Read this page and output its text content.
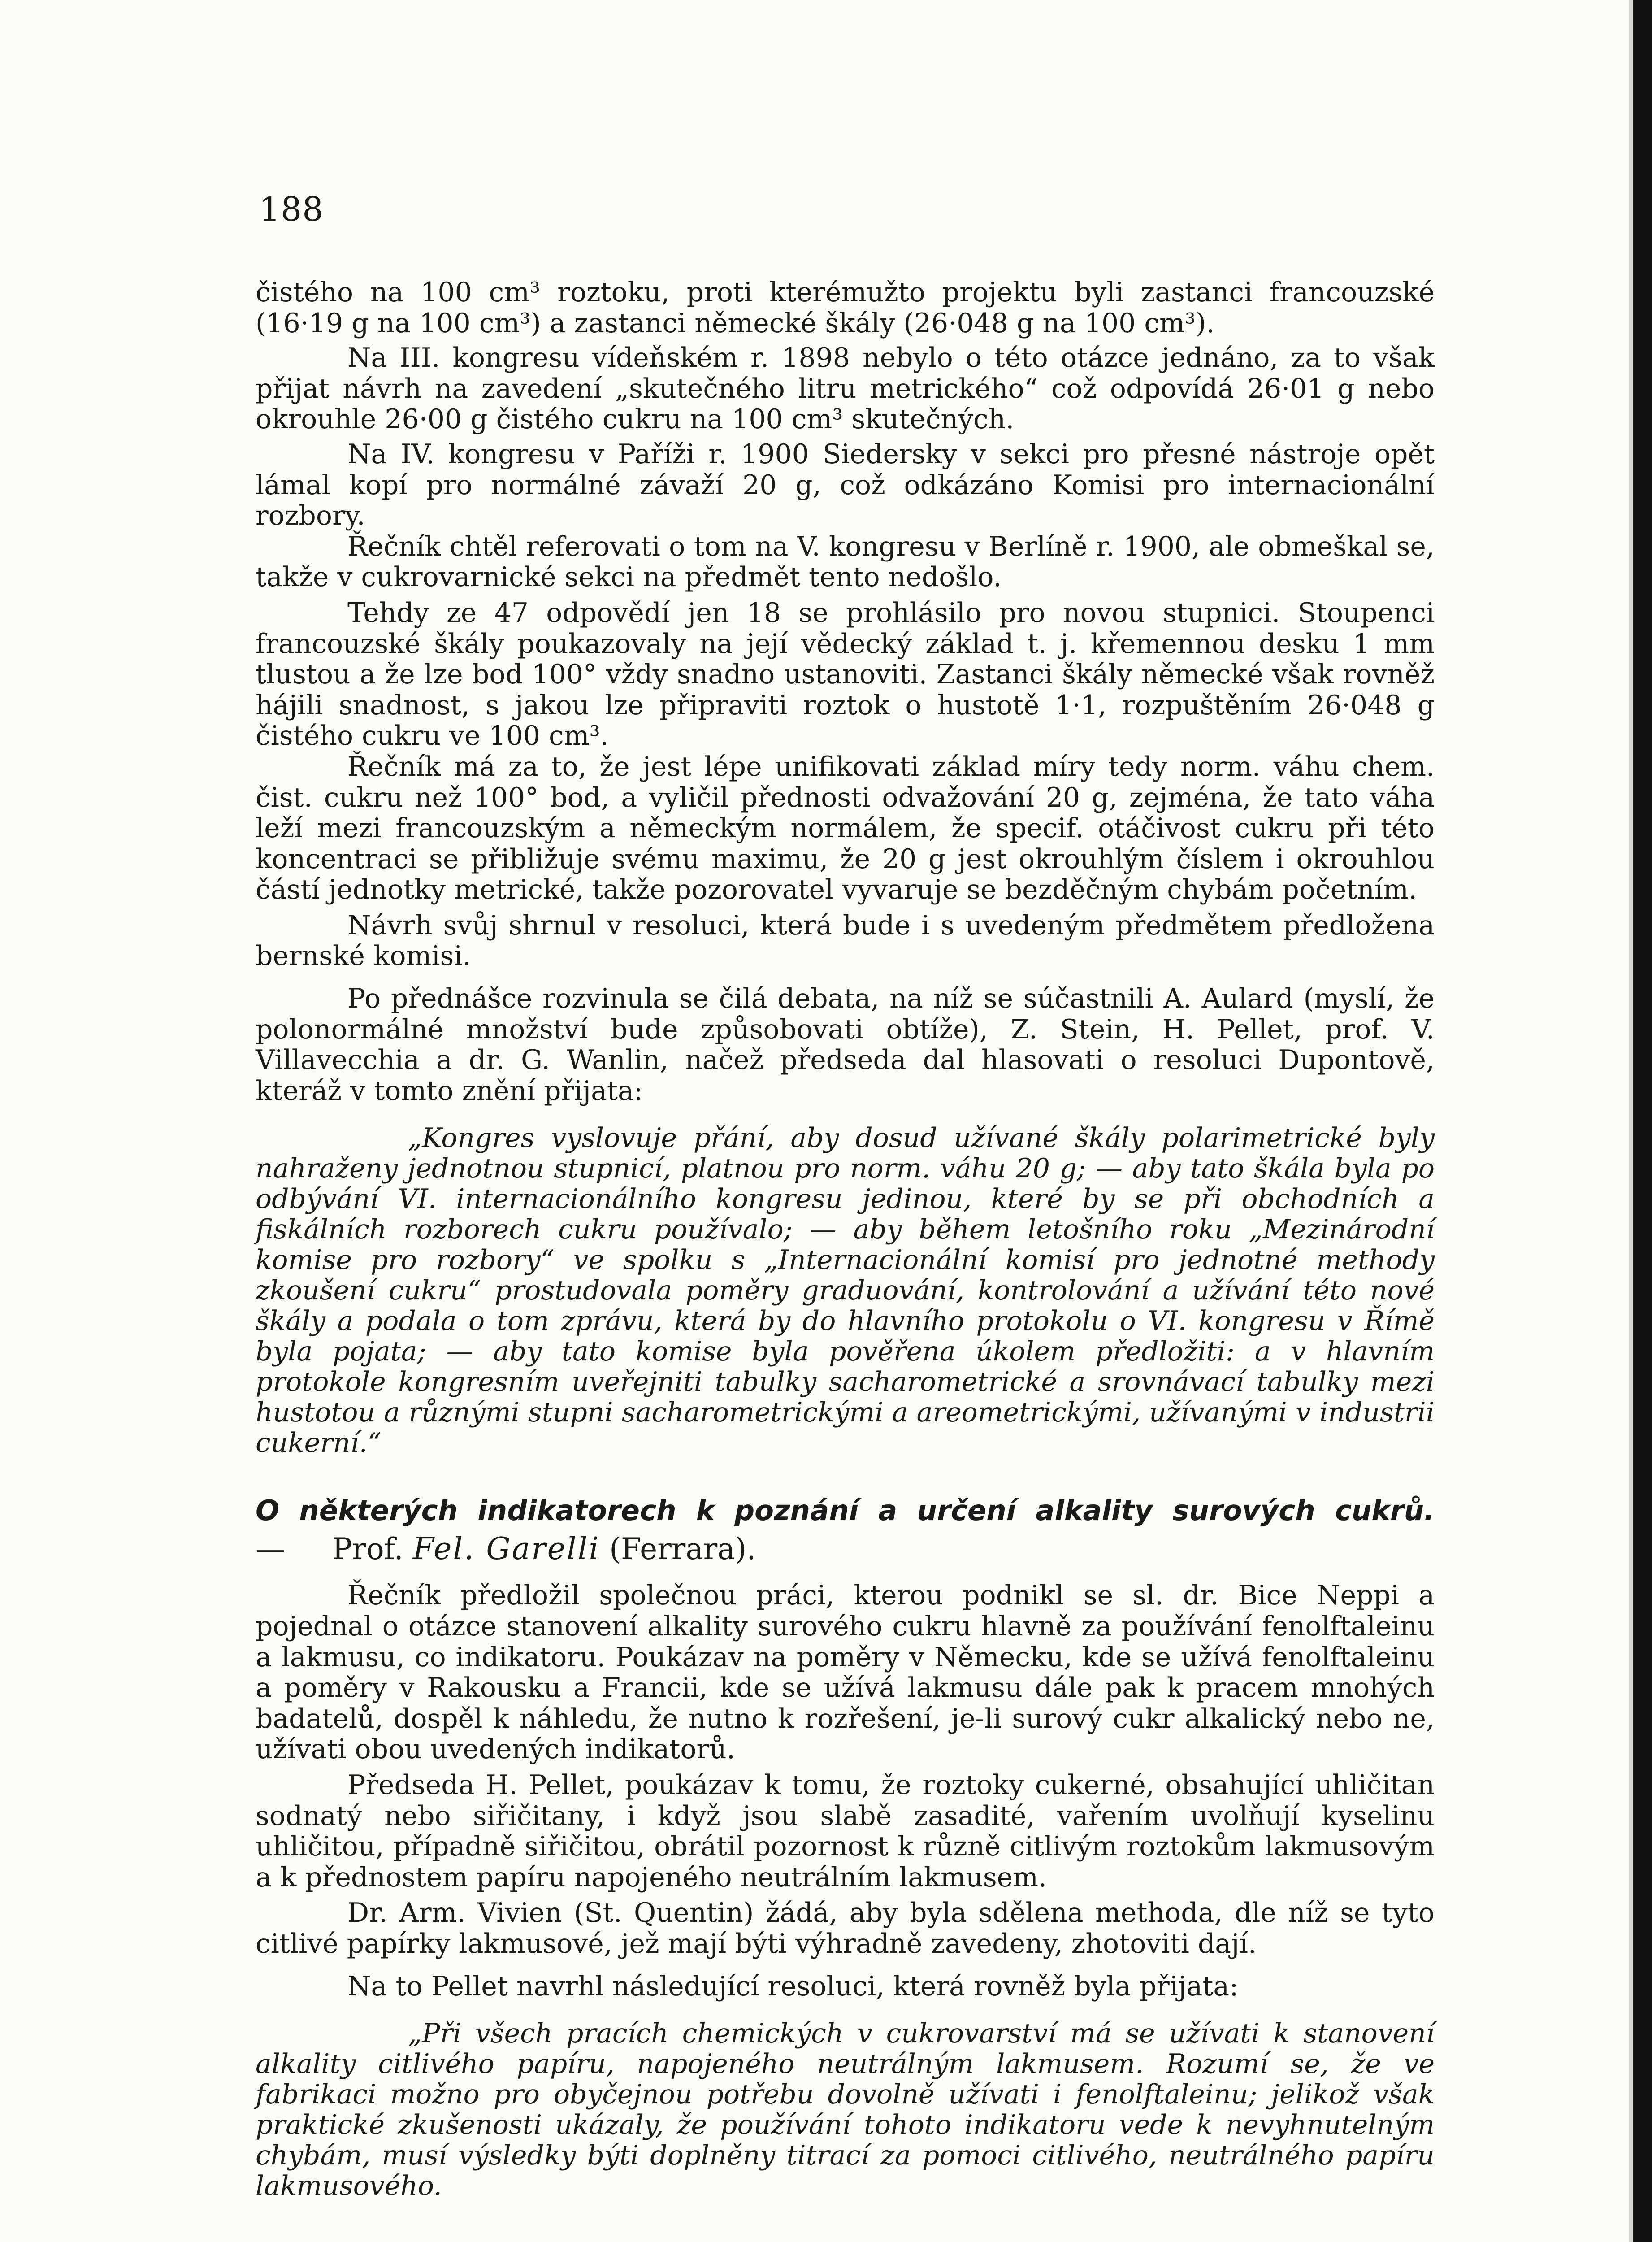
188

čistého na 100 cm³ roztoku, proti kterémužto projektu byli zastanci francouzské (16·19 g na 100 cm³) a zastanci německé škály (26·048 g na 100 cm³).

Na III. kongresu vídeňském r. 1898 nebylo o této otázce jednáno, za to však přijat návrh na zavedení „skutečného litru metrického“ což odpovídá 26·01 g nebo okrouhle 26·00 g čistého cukru na 100 cm³ skutečných.

Na IV. kongresu v Paříži r. 1900 Siedersky v sekci pro přesné nástroje opět lámal kopí pro normálné závaží 20 g, což odkázáno Komisi pro internacionální rozbory.

Řečník chtěl referovati o tom na V. kongresu v Berlíně r. 1900, ale obmeškal se, takže v cukrovarnické sekci na předmět tento nedošlo.

Tehdy ze 47 odpovědí jen 18 se prohlásilo pro novou stupnici. Stoupenci francouzské škály poukazovaly na její vědecký základ t. j. křemennou desku 1 mm tlustou a že lze bod 100° vždy snadno ustanoviti. Zastanci škály německé však rovněž hájili snadnost, s jakou lze připraviti roztok o hustotě 1·1, rozpuštěním 26·048 g čistého cukru ve 100 cm³.

Řečník má za to, že jest lépe unifikovati základ míry tedy norm. váhu chem. čist. cukru než 100° bod, a vyličil přednosti odvažování 20 g, zejména, že tato váha leží mezi francouzským a německým normálem, že specif. otáčivost cukru při této koncentraci se přibližuje svému maximu, že 20 g jest okrouhlým číslem i okrouhlou částí jednotky metrické, takže pozorovatel vyvaruje se bezděčným chybám početním.

Návrh svůj shrnul v resoluci, která bude i s uvedeným předmětem předložena bernské komisi.

Po přednášce rozvinula se čilá debata, na níž se súčastnili A. Aulard (myslí, že polonormálné množství bude způsobovati obtíže), Z. Stein, H. Pellet, prof. V. Villavecchia a dr. G. Wanlin, načež předseda dal hlasovati o resoluci Dupontově, kteráž v tomto znění přijata:

„Kongres vyslovuje přání, aby dosud užívané škály polarimetrické byly nahraženy jednotnou stupnicí, platnou pro norm. váhu 20 g; — aby tato škála byla po odbývání VI. internacionálního kongresu jedinou, které by se při obchodních a fiskálních rozborech cukru používalo; — aby během letošního roku „Mezinárodní komise pro rozbory“ ve spolku s „Internacionální komisí pro jednotné methody zkoušení cukru“ prostudovala poměry graduování, kontrolování a užívání této nové škály a podala o tom zprávu, která by do hlavního protokolu o VI. kongresu v Římě byla pojata; — aby tato komise byla pověřena úkolem předložiti: a v hlavním protokole kongresním uveřejniti tabulky sacharometrické a srovnávací tabulky mezi hustotou a různými stupni sacharometrickými a areometrickými, užívanými v industrii cukerní.“

O některých indikatorech k poznání a určení alkality surových cukrů.
— Prof. Fel. Garelli (Ferrara).

Řečník předložil společnou práci, kterou podnikl se sl. dr. Bice Neppi a pojednal o otázce stanovení alkality surového cukru hlavně za používání fenolftaleinu a lakmusu, co indikatoru. Poukázav na poměry v Německu, kde se užívá fenolftaleinu a poměry v Rakousku a Francii, kde se užívá lakmusu dále pak k pracem mnohých badatelů, dospěl k náhledu, že nutno k rozřešení, je-li surový cukr alkalický nebo ne, užívati obou uvedených indikatorů.

Předseda H. Pellet, poukázav k tomu, že roztoky cukerné, obsahující uhličitan sodnatý nebo siřičitany, i když jsou slabě zasadité, vařením uvolňují kyselinu uhličitou, případně siřičitou, obrátil pozornost k různě citlivým roztokům lakmusovým a k přednostem papíru napojeného neutrálním lakmusem.

Dr. Arm. Vivien (St. Quentin) žádá, aby byla sdělena methoda, dle níž se tyto citlivé papírky lakmusové, jež mají býti výhradně zavedeny, zhotoviti dají.

Na to Pellet navrhl následující resoluci, která rovněž byla přijata:

„Při všech pracích chemických v cukrovarství má se užívati k stanovení alkality citlivého papíru, napojeného neutrálným lakmusem. Rozumí se, že ve fabrikaci možno pro obyčejnou potřebu dovolně užívati i fenolftaleinu; jelikož však praktické zkušenosti ukázaly, že používání tohoto indikatoru vede k nevyhnutelným chybám, musí výsledky býti doplněny titrací za pomoci citlivého, neutrálného papíru lakmusového.
